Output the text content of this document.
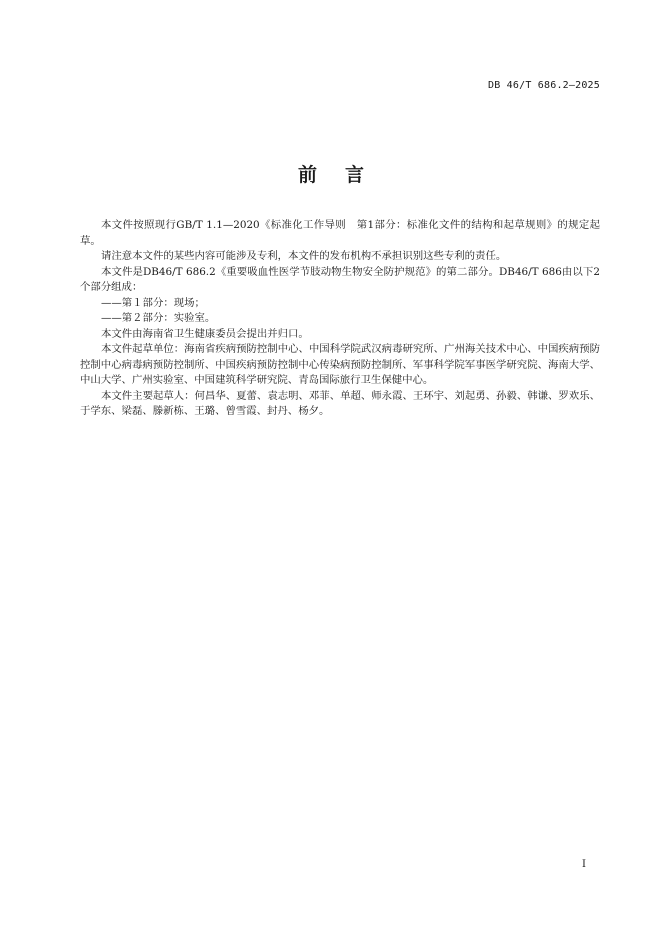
DB 46/T 686.2—2025
前言

本文件按照现行GB/T 1.1—2020《标准化工作导则　第1部分：标准化文件的结构和起草规则》的规定起草。

请注意本文件的某些内容可能涉及专利，本文件的发布机构不承担识别这些专利的责任。

本文件是DB46/T 686.2《重要吸血性医学节肢动物生物安全防护规范》的第二部分。DB46/T 686由以下2个部分组成：

——第１部分：现场；

——第２部分：实验室。

本文件由海南省卫生健康委员会提出并归口。

本文件起草单位：海南省疾病预防控制中心、中国科学院武汉病毒研究所、广州海关技术中心、中国疾病预防控制中心病毒病预防控制所、中国疾病预防控制中心传染病预防控制所、军事科学院军事医学研究院、海南大学、中山大学、广州实验室、中国建筑科学研究院、青岛国际旅行卫生保健中心。

本文件主要起草人：何昌华、夏蕾、袁志明、邓菲、单超、师永霞、王环宇、刘起勇、孙毅、韩谦、罗欢乐、于学东、梁磊、滕新栋、王璐、曾雪霞、封丹、杨夕。

I
